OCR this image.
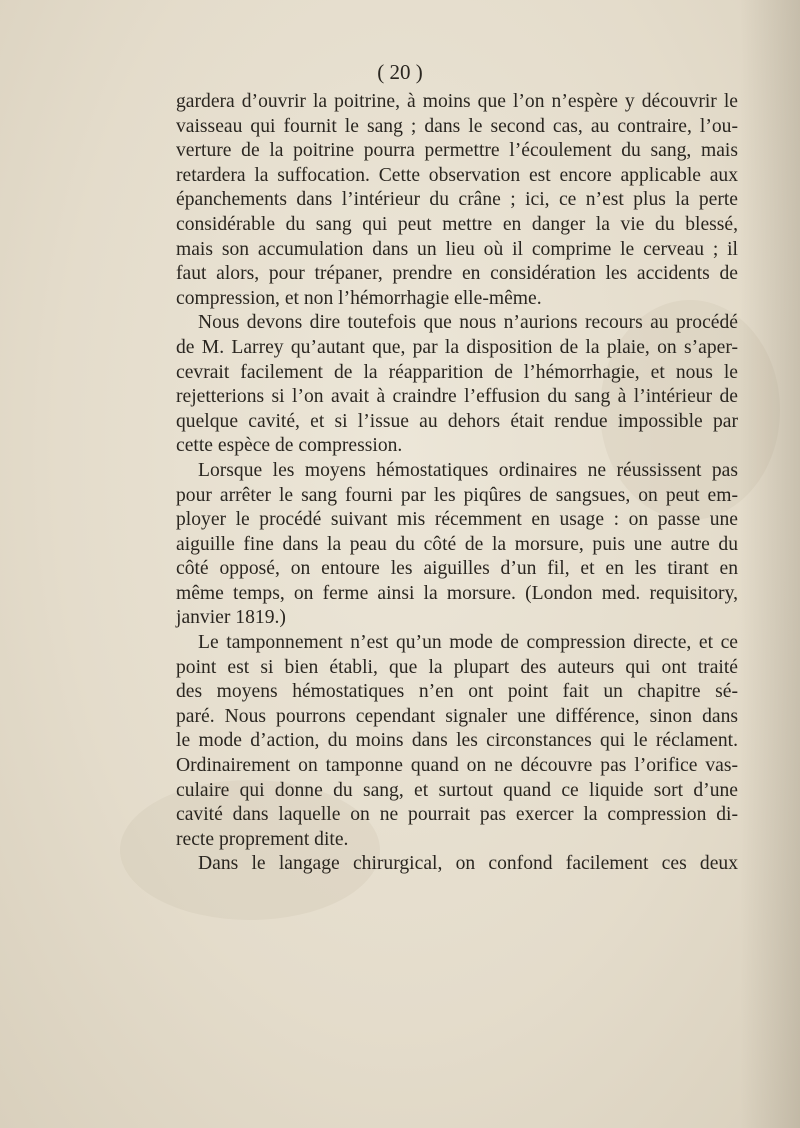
( 20 )
gardera d’ouvrir la poitrine, à moins que l’on n’espère y découvrir le
vaisseau qui fournit le sang ; dans le second cas, au contraire, l’ou-
verture de la poitrine pourra permettre l’écoulement du sang, mais
retardera la suffocation. Cette observation est encore applicable aux
épanchements dans l’intérieur du crâne ; ici, ce n’est plus la perte
considérable du sang qui peut mettre en danger la vie du blessé,
mais son accumulation dans un lieu où il comprime le cerveau ; il
faut alors, pour trépaner, prendre en considération les accidents de
compression, et non l’hémorrhagie elle-même.
Nous devons dire toutefois que nous n’aurions recours au procédé
de M. Larrey qu’autant que, par la disposition de la plaie, on s’aper-
cevrait facilement de la réapparition de l’hémorrhagie, et nous le
rejetterions si l’on avait à craindre l’effusion du sang à l’intérieur de
quelque cavité, et si l’issue au dehors était rendue impossible par
cette espèce de compression.
Lorsque les moyens hémostatiques ordinaires ne réussissent pas
pour arrêter le sang fourni par les piqûres de sangsues, on peut em-
ployer le procédé suivant mis récemment en usage : on passe une
aiguille fine dans la peau du côté de la morsure, puis une autre du
côté opposé, on entoure les aiguilles d’un fil, et en les tirant en
même temps, on ferme ainsi la morsure. (London med. requisitory,
janvier 1819.)
Le tamponnement n’est qu’un mode de compression directe, et ce
point est si bien établi, que la plupart des auteurs qui ont traité
des moyens hémostatiques n’en ont point fait un chapitre sé-
paré. Nous pourrons cependant signaler une différence, sinon dans
le mode d’action, du moins dans les circonstances qui le réclament.
Ordinairement on tamponne quand on ne découvre pas l’orifice vas-
culaire qui donne du sang, et surtout quand ce liquide sort d’une
cavité dans laquelle on ne pourrait pas exercer la compression di-
recte proprement dite.
Dans le langage chirurgical, on confond facilement ces deux
